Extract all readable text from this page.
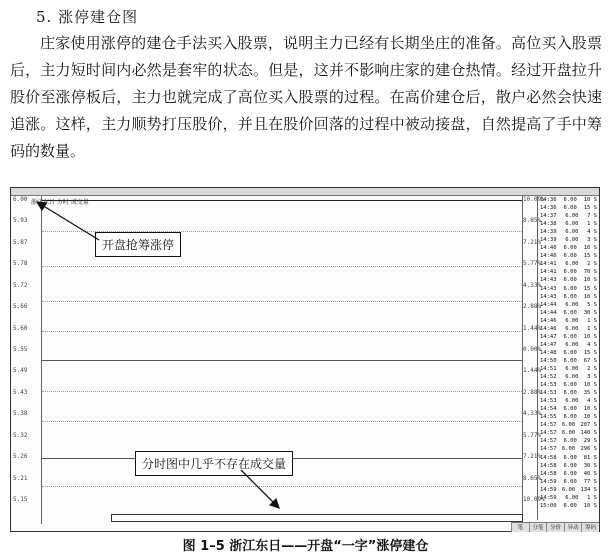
5. 涨停建仓图
庄家使用涨停的建仓手法买入股票，说明主力已经有长期坐庄的准备。高位买入股票后，主力短时间内必然是套牢的状态。但是，这并不影响庄家的建仓热情。经过开盘拉升股价至涨停板后，主力也就完成了高位买入股票的过程。在高价建仓后，散户必然会快速追涨。这样，主力顺势打压股价，并且在股价回落的过程中被动接盘，自然提高了手中筹码的数量。
浙江东日 分时 成交量
开盘抢筹涨停
分时图中几乎不存在成交量
14:36 6.00 10 S
14:36 6.00 15 S
14:37 6.00 7 S
14:38 6.00 1 S
14:39 6.00 4 S
14:39 6.00 3 S
14:40 6.00 10 S
14:40 6.00 15 S
14:41 6.00 2 S
14:41 6.00 70 S
14:43 6.00 10 S
14:43 6.00 15 S
14:43 6.00 10 S
14:44 6.00 5 S
14:44 6.00 30 S
14:46 6.00 1 S
14:46 6.00 1 S
14:47 6.00 10 S
14:47 6.00 4 S
14:48 6.00 15 S
14:50 6.00 67 S
14:51 6.00 2 S
14:52 6.00 3 S
14:53 6.00 10 S
14:53 6.00 35 S
14:53 6.00 4 S
14:54 6.00 10 S
14:55 6.00 10 S
14:57 6.00 207 S
14:57 6.00 140 S
14:57 6.00 29 S
14:57 6.00 296 S
14:58 6.00 81 S
14:58 6.00 30 S
14:58 6.00 40 S
14:59 6.00 77 S
14:59 6.00 134 S
14:59 6.00 1 S
15:00 6.00 10 S
笔	分笔	分价	异动	筹码
6.00
5.93
5.87
5.78
5.72
5.66
5.60
5.55
5.49
5.43
5.38
5.32
5.26
5.21
5.15
10.09%
8.85%
7.21%
5.77%
4.33%
2.88%
1.44%
0.00%
1.44%
2.88%
4.33%
5.77%
7.21%
8.65%
10.09%
图 1–5 浙江东日——开盘“一字”涨停建仓
